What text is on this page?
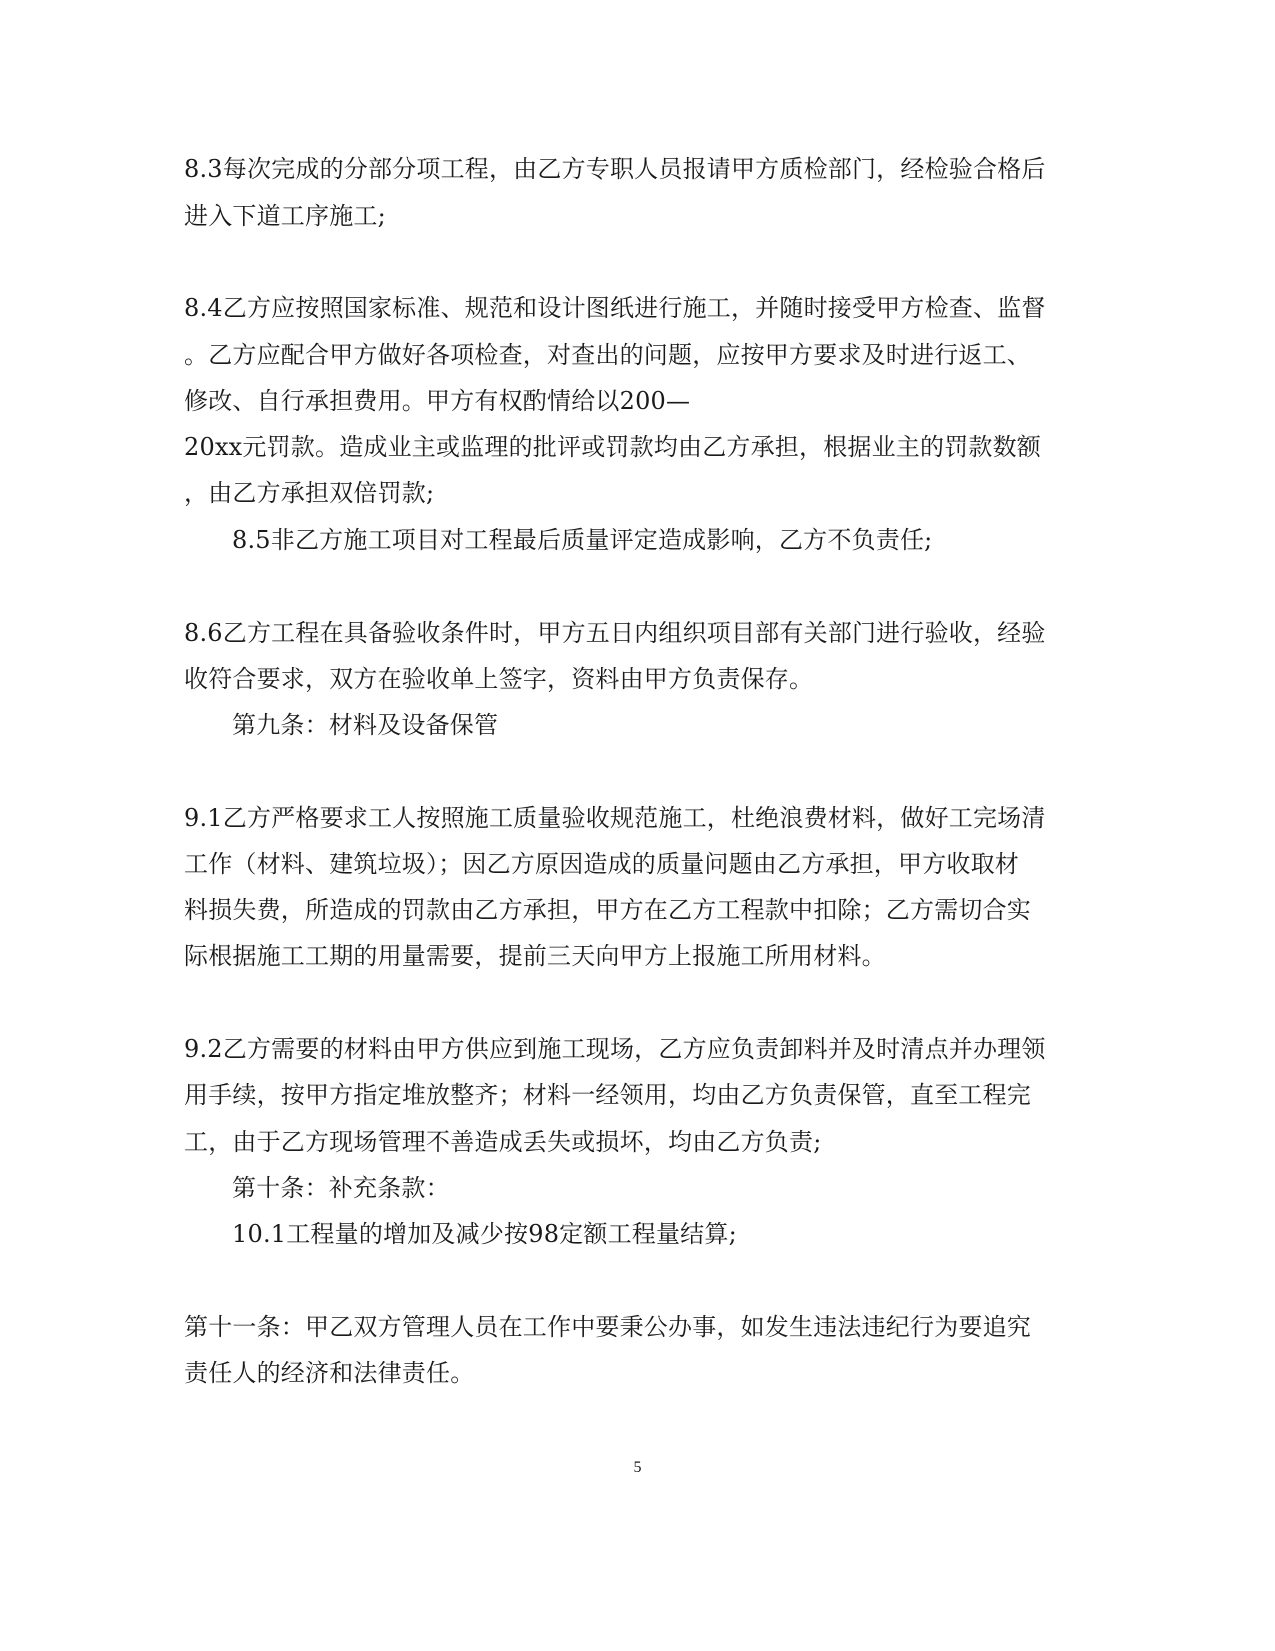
8.3每次完成的分部分项工程，由乙方专职人员报请甲方质检部门，经检验合格后
进入下道工序施工;
8.4乙方应按照国家标准、规范和设计图纸进行施工，并随时接受甲方检查、监督
。乙方应配合甲方做好各项检查，对查出的问题，应按甲方要求及时进行返工、
修改、自行承担费用。甲方有权酌情给以200—
20xx元罚款。造成业主或监理的批评或罚款均由乙方承担，根据业主的罚款数额
，由乙方承担双倍罚款;
8.5非乙方施工项目对工程最后质量评定造成影响，乙方不负责任;
8.6乙方工程在具备验收条件时，甲方五日内组织项目部有关部门进行验收，经验
收符合要求，双方在验收单上签字，资料由甲方负责保存。
第九条：材料及设备保管
9.1乙方严格要求工人按照施工质量验收规范施工，杜绝浪费材料，做好工完场清
工作（材料、建筑垃圾）；因乙方原因造成的质量问题由乙方承担，甲方收取材
料损失费，所造成的罚款由乙方承担，甲方在乙方工程款中扣除；乙方需切合实
际根据施工工期的用量需要，提前三天向甲方上报施工所用材料。
9.2乙方需要的材料由甲方供应到施工现场，乙方应负责卸料并及时清点并办理领
用手续，按甲方指定堆放整齐；材料一经领用，均由乙方负责保管，直至工程完
工，由于乙方现场管理不善造成丢失或损坏，均由乙方负责;
第十条：补充条款：
10.1工程量的增加及减少按98定额工程量结算;
第十一条：甲乙双方管理人员在工作中要秉公办事，如发生违法违纪行为要追究
责任人的经济和法律责任。
5
